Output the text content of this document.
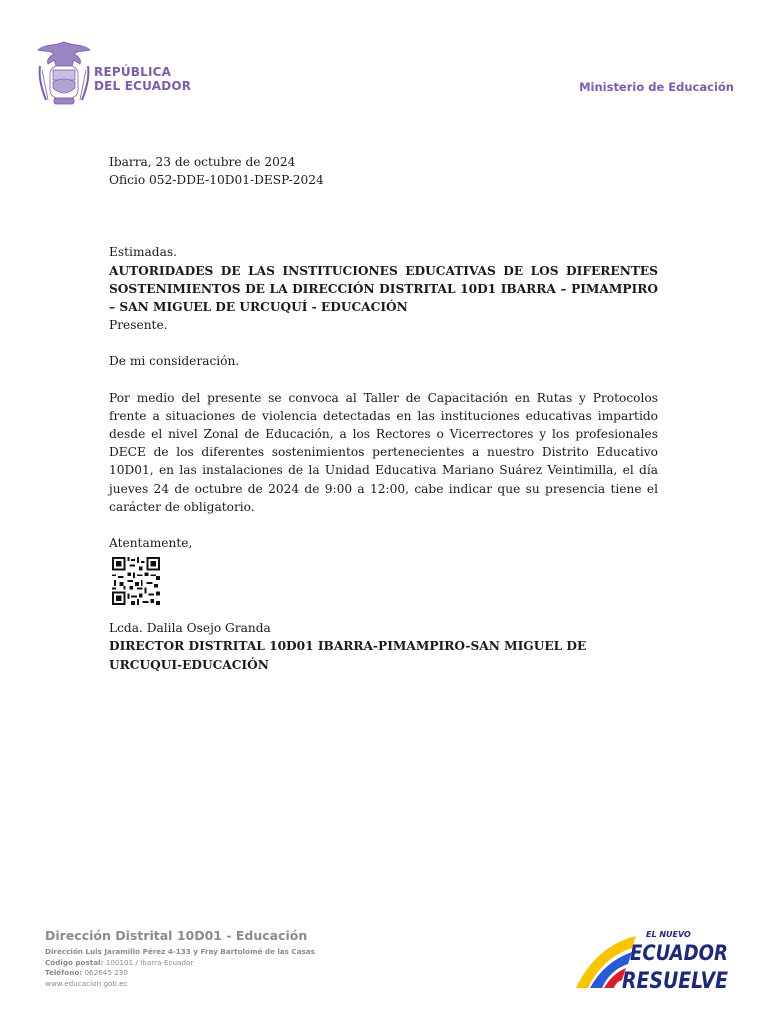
REPÚBLICA
DEL ECUADOR	Ministerio de Educación

Ibarra, 23 de octubre de 2024

Oficio 052-DDE-10D01-DESP-2024

Estimadas.

AUTORIDADES DE LAS INSTITUCIONES EDUCATIVAS DE LOS DIFERENTES SOSTENIMIENTOS DE LA DIRECCIÓN DISTRITAL 10D1 IBARRA – PIMAMPIRO – SAN MIGUEL DE URCUQUÍ - EDUCACIÓN

Presente.

De mi consideración.

Por medio del presente se convoca al Taller de Capacitación en Rutas y Protocolos frente a situaciones de violencia detectadas en las instituciones educativas impartido desde el nivel Zonal de Educación, a los Rectores o Vicerrectores y los profesionales DECE de los diferentes sostenimientos pertenecientes a nuestro Distrito Educativo 10D01, en las instalaciones de la Unidad Educativa Mariano Suárez Veintimilla, el día jueves 24 de octubre de 2024 de 9:00 a 12:00, cabe indicar que su presencia tiene el carácter de obligatorio.

Atentamente,

Lcda. Dalila Osejo Granda

DIRECTOR DISTRITAL 10D01 IBARRA-PIMAMPIRO-SAN MIGUEL DE URCUQUI-EDUCACIÓN

Dirección Distrital 10D01 - Educación
Dirección Luis Jaramillo Pérez 4-133 y Fray Bartolomé de las Casas
Código postal: 100101 / Ibarra-Ecuador
Teléfono: 062645 230
www.educacion.gob.ec
EL NUEVO
ECUADOR
RESUELVE
